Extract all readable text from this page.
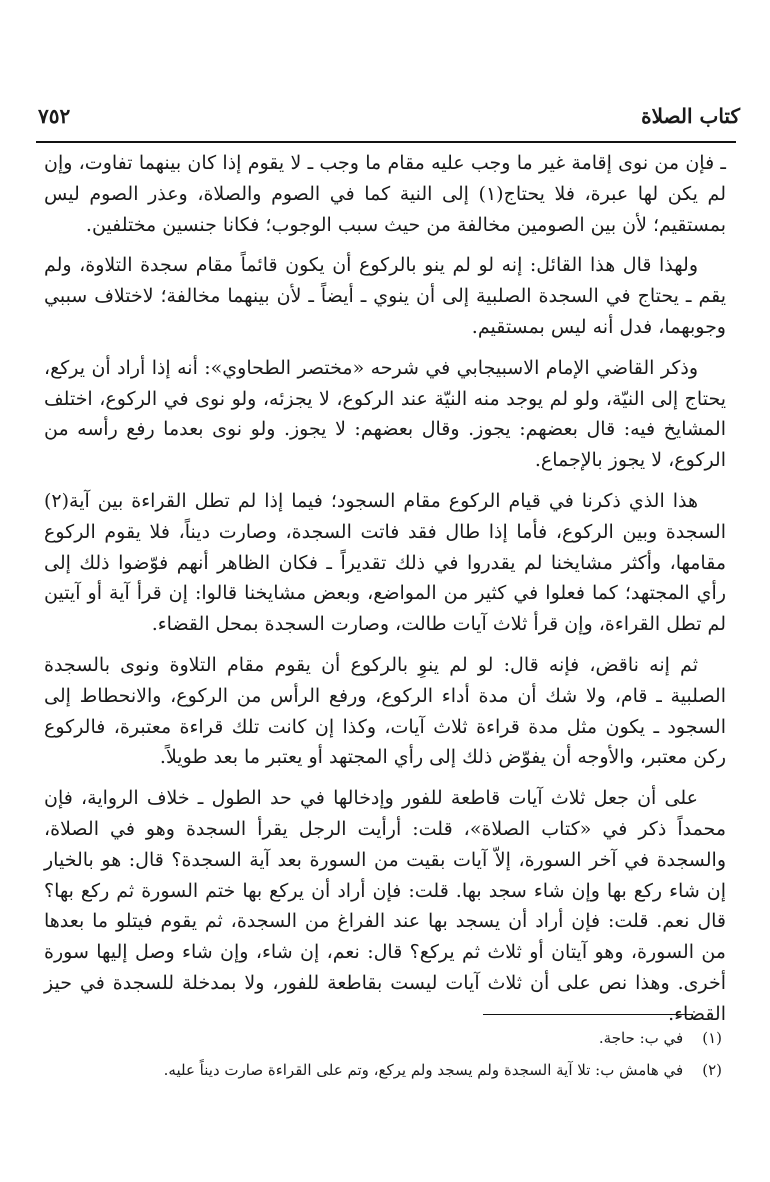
كتاب الصلاة
٧٥٢

ـ فإن من نوى إقامة غير ما وجب عليه مقام ما وجب ـ لا يقوم إذا كان بينهما تفاوت، وإن لم يكن لها عبرة، فلا يحتاج(١) إلى النية كما في الصوم والصلاة، وعذر الصوم ليس بمستقيم؛ لأن بين الصومين مخالفة من حيث سبب الوجوب؛ فكانا جنسين مختلفين.

ولهذا قال هذا القائل: إنه لو لم ينو بالركوع أن يكون قائماً مقام سجدة التلاوة، ولم يقم ـ يحتاج في السجدة الصلبية إلى أن ينوي ـ أيضاً ـ لأن بينهما مخالفة؛ لاختلاف سببي وجوبهما، فدل أنه ليس بمستقيم.

وذكر القاضي الإمام الاسبيجابي في شرحه «مختصر الطحاوي»: أنه إذا أراد أن يركع، يحتاج إلى النيّة، ولو لم يوجد منه النيّة عند الركوع، لا يجزئه، ولو نوى في الركوع، اختلف المشايخ فيه: قال بعضهم: يجوز. وقال بعضهم: لا يجوز. ولو نوى بعدما رفع رأسه من الركوع، لا يجوز بالإجماع.

هذا الذي ذكرنا في قيام الركوع مقام السجود؛ فيما إذا لم تطل القراءة بين آية(٢) السجدة وبين الركوع، فأما إذا طال فقد فاتت السجدة، وصارت ديناً، فلا يقوم الركوع مقامها، وأكثر مشايخنا لم يقدروا في ذلك تقديراً ـ فكان الظاهر أنهم فوّضوا ذلك إلى رأي المجتهد؛ كما فعلوا في كثير من المواضع، وبعض مشايخنا قالوا: إن قرأ آية أو آيتين لم تطل القراءة، وإن قرأ ثلاث آيات طالت، وصارت السجدة بمحل القضاء.

ثم إنه ناقض، فإنه قال: لو لم ينوِ بالركوع أن يقوم مقام التلاوة ونوى بالسجدة الصلبية ـ قام، ولا شك أن مدة أداء الركوع، ورفع الرأس من الركوع، والانحطاط إلى السجود ـ يكون مثل مدة قراءة ثلاث آيات، وكذا إن كانت تلك قراءة معتبرة، فالركوع ركن معتبر، والأوجه أن يفوّض ذلك إلى رأي المجتهد أو يعتبر ما بعد طويلاً.

على أن جعل ثلاث آيات قاطعة للفور وإدخالها في حد الطول ـ خلاف الرواية، فإن محمداً ذكر في «كتاب الصلاة»، قلت: أرأيت الرجل يقرأ السجدة وهو في الصلاة، والسجدة في آخر السورة، إلاّ آيات بقيت من السورة بعد آية السجدة؟ قال: هو بالخيار إن شاء ركع بها وإن شاء سجد بها. قلت: فإن أراد أن يركع بها ختم السورة ثم ركع بها؟ قال نعم. قلت: فإن أراد أن يسجد بها عند الفراغ من السجدة، ثم يقوم فيتلو ما بعدها من السورة، وهو آيتان أو ثلاث ثم يركع؟ قال: نعم، إن شاء، وإن شاء وصل إليها سورة أخرى. وهذا نص على أن ثلاث آيات ليست بقاطعة للفور، ولا بمدخلة للسجدة في حيز القضاء.

(١) في ب: حاجة.
(٢) في هامش ب: تلا آية السجدة ولم يسجد ولم يركع، وتم على القراءة صارت ديناً عليه.
